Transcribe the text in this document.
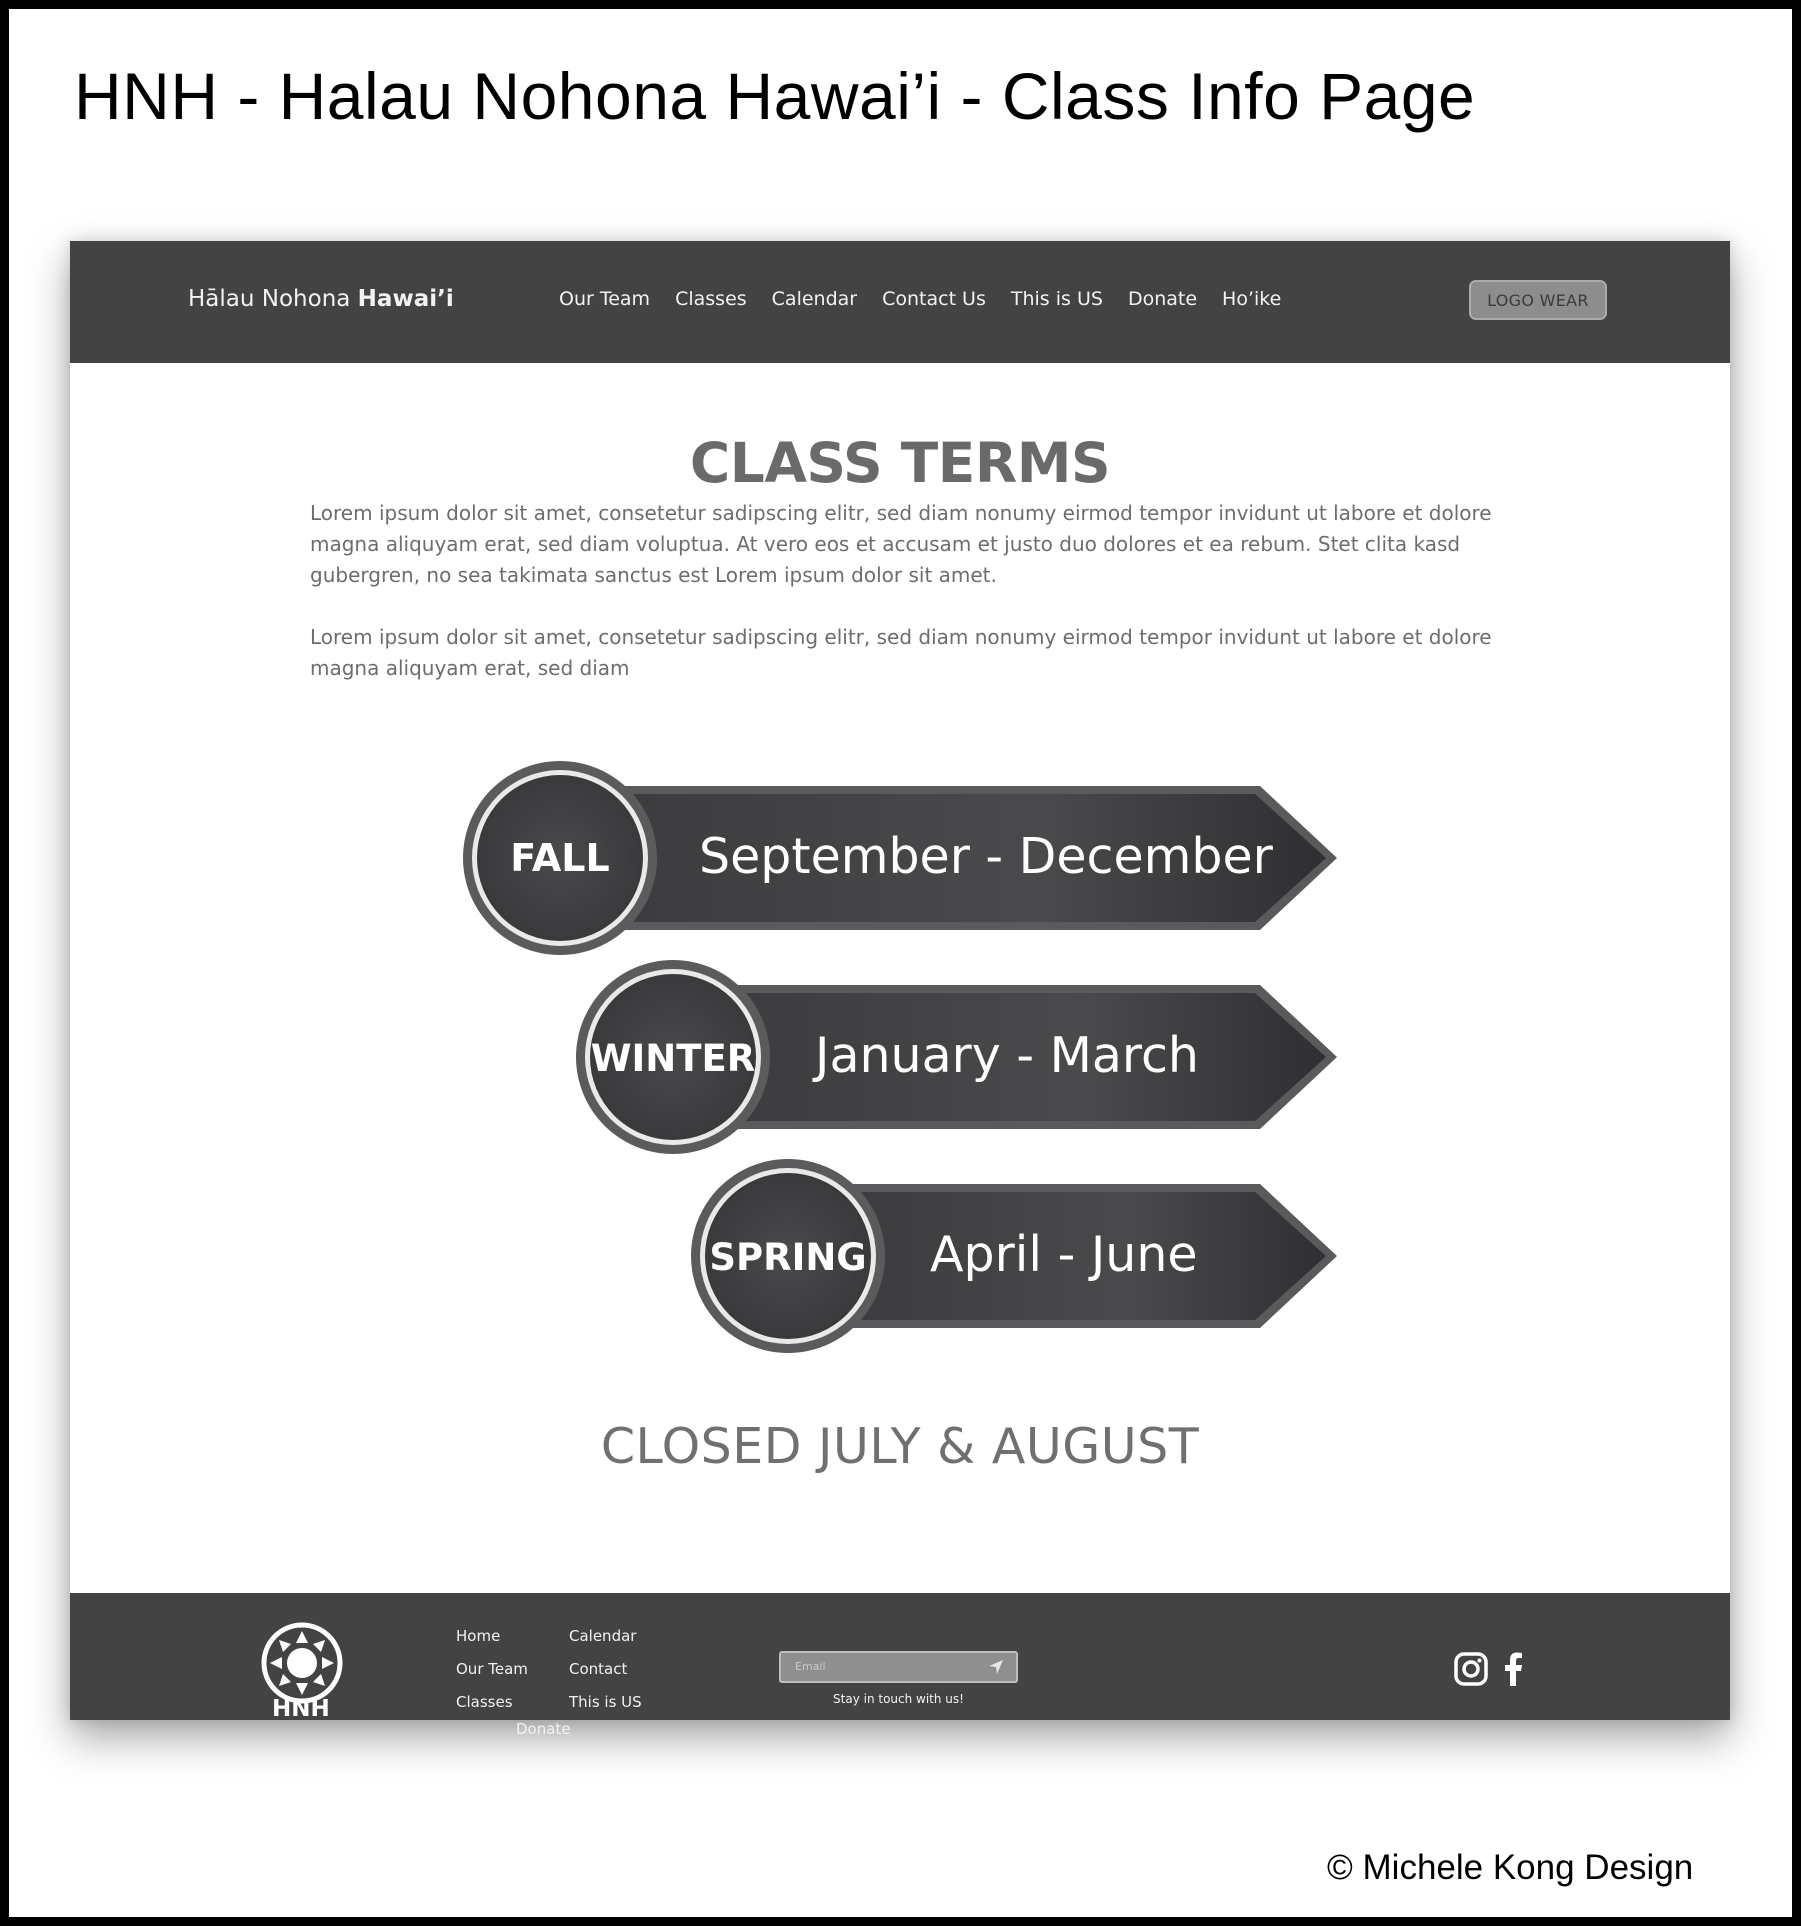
HNH - Halau Nohona Hawai’i - Class Info Page
Hālau Nohona Hawai’i	Our Team Classes Calendar Contact Us This is US Donate Ho’ike	LOGO WEAR
CLASS TERMS
Lorem ipsum dolor sit amet, consetetur sadipscing elitr, sed diam nonumy eirmod tempor invidunt ut labore et dolore magna aliquyam erat, sed diam voluptua. At vero eos et accusam et justo duo dolores et ea rebum. Stet clita kasd gubergren, no sea takimata sanctus est Lorem ipsum dolor sit amet.
Lorem ipsum dolor sit amet, consetetur sadipscing elitr, sed diam nonumy eirmod tempor invidunt ut labore et dolore magna aliquyam erat, sed diam
FALL	September - December
WINTER January - March
SPRING April - June
CLOSED JULY & AUGUST
HNH
Home
Our Team
Classes
Calendar
Contact
This is US
Donate
Email
Stay in touch with us!
© Michele Kong Design
